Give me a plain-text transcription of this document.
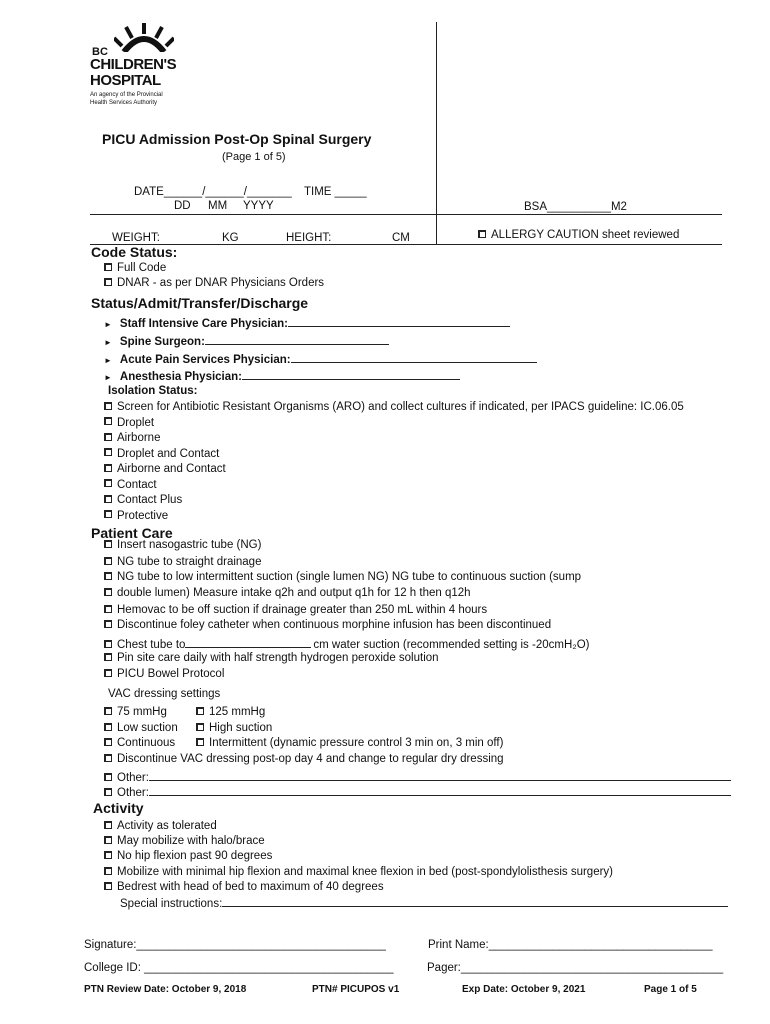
BC
CHILDREN'S
HOSPITAL
An agency of the Provincial
Health Services Authority
PICU Admission Post-Op Spinal Surgery
(Page 1 of 5)
DATE______/______/_______ TIME _____
DD MM YYYY	BSA__________M2
WEIGHT:	KG	HEIGHT:	CM	ALLERGY CAUTION sheet reviewed
Code Status:
Full Code
DNAR - as per DNAR Physicians Orders
Status/Admit/Transfer/Discharge
► Staff Intensive Care Physician:
► Spine Surgeon:
► Acute Pain Services Physician:
► Anesthesia Physician:
Isolation Status:
Screen for Antibiotic Resistant Organisms (ARO) and collect cultures if indicated, per IPACS guideline: IC.06.05
Droplet
Airborne
Droplet and Contact
Airborne and Contact
Contact
Contact Plus
Protective
Patient Care
Insert nasogastric tube (NG)
NG tube to straight drainage
NG tube to low intermittent suction (single lumen NG) NG tube to continuous suction (sump
double lumen) Measure intake q2h and output q1h for 12 h then q12h
Hemovac to be off suction if drainage greater than 250 mL within 4 hours
Discontinue foley catheter when continuous morphine infusion has been discontinued
Chest tube to	cm water suction (recommended setting is -20cmH₂O)
Pin site care daily with half strength hydrogen peroxide solution
PICU Bowel Protocol
VAC dressing settings
75 mmHg	125 mmHg
Low suction	High suction
Continuous	Intermittent (dynamic pressure control 3 min on, 3 min off)
Discontinue VAC dressing post-op day 4 and change to regular dry dressing
Other:
Other:
Activity
Activity as tolerated
May mobilize with halo/brace
No hip flexion past 90 degrees
Mobilize with minimal hip flexion and maximal knee flexion in bed (post-spondylolisthesis surgery)
Bedrest with head of bed to maximum of 40 degrees
Special instructions:
Signature:_______________________________________	Print Name:___________________________________
College ID: _______________________________________	Pager:_________________________________________
PTN Review Date: October 9, 2018	PTN# PICUPOS v1	Exp Date: October 9, 2021	Page 1 of 5
